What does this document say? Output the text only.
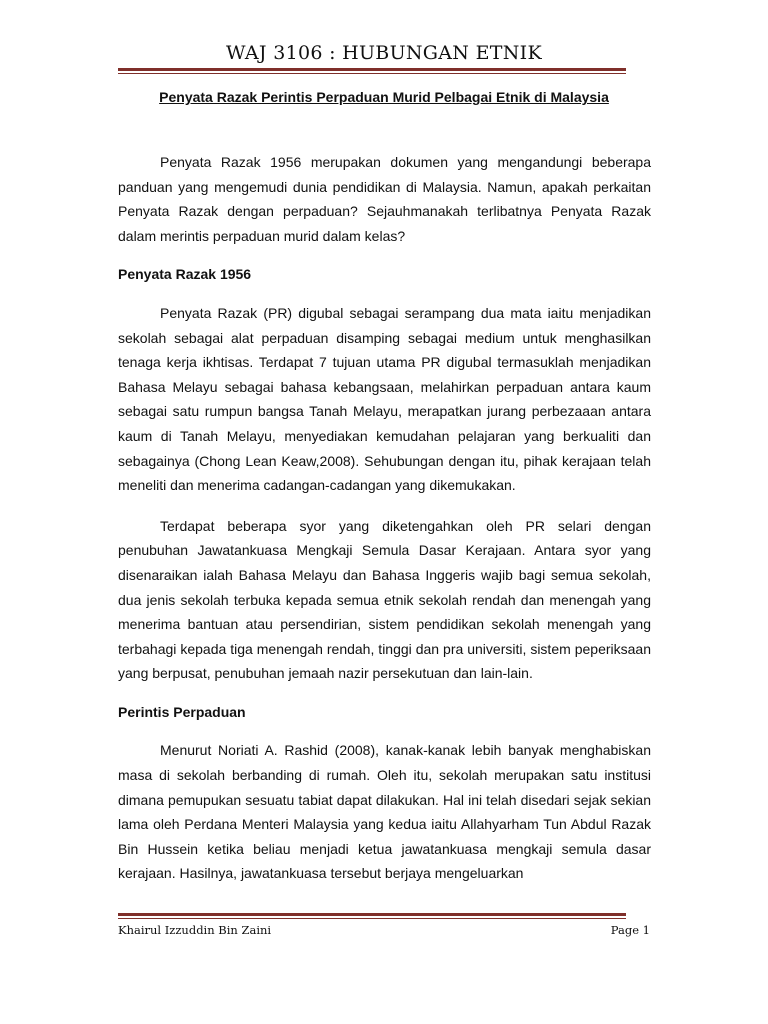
WAJ 3106 : HUBUNGAN ETNIK
Penyata Razak Perintis Perpaduan Murid Pelbagai Etnik di Malaysia

Penyata Razak 1956 merupakan dokumen yang mengandungi beberapa panduan yang mengemudi dunia pendidikan di Malaysia. Namun, apakah perkaitan Penyata Razak dengan perpaduan? Sejauhmanakah terlibatnya Penyata Razak dalam merintis perpaduan murid dalam kelas?

Penyata Razak 1956

Penyata Razak (PR) digubal sebagai serampang dua mata iaitu menjadikan sekolah sebagai alat perpaduan disamping sebagai medium untuk menghasilkan tenaga kerja ikhtisas. Terdapat 7 tujuan utama PR digubal termasuklah menjadikan Bahasa Melayu sebagai bahasa kebangsaan, melahirkan perpaduan antara kaum sebagai satu rumpun bangsa Tanah Melayu, merapatkan jurang perbezaaan antara kaum di Tanah Melayu, menyediakan kemudahan pelajaran yang berkualiti dan sebagainya (Chong Lean Keaw,2008). Sehubungan dengan itu, pihak kerajaan telah meneliti dan menerima cadangan-cadangan yang dikemukakan.

Terdapat beberapa syor yang diketengahkan oleh PR selari dengan penubuhan Jawatankuasa Mengkaji Semula Dasar Kerajaan. Antara syor yang disenaraikan ialah Bahasa Melayu dan Bahasa Inggeris wajib bagi semua sekolah, dua jenis sekolah terbuka kepada semua etnik sekolah rendah dan menengah yang menerima bantuan atau persendirian, sistem pendidikan sekolah menengah yang terbahagi kepada tiga menengah rendah, tinggi dan pra universiti, sistem peperiksaan yang berpusat, penubuhan jemaah nazir persekutuan dan lain-lain.

Perintis Perpaduan

Menurut Noriati A. Rashid (2008), kanak-kanak lebih banyak menghabiskan masa di sekolah berbanding di rumah. Oleh itu, sekolah merupakan satu institusi dimana pemupukan sesuatu tabiat dapat dilakukan. Hal ini telah disedari sejak sekian lama oleh Perdana Menteri Malaysia yang kedua iaitu Allahyarham Tun Abdul Razak Bin Hussein ketika beliau menjadi ketua jawatankuasa mengkaji semula dasar kerajaan. Hasilnya, jawatankuasa tersebut berjaya mengeluarkan

Khairul Izzuddin Bin Zaini	Page 1
